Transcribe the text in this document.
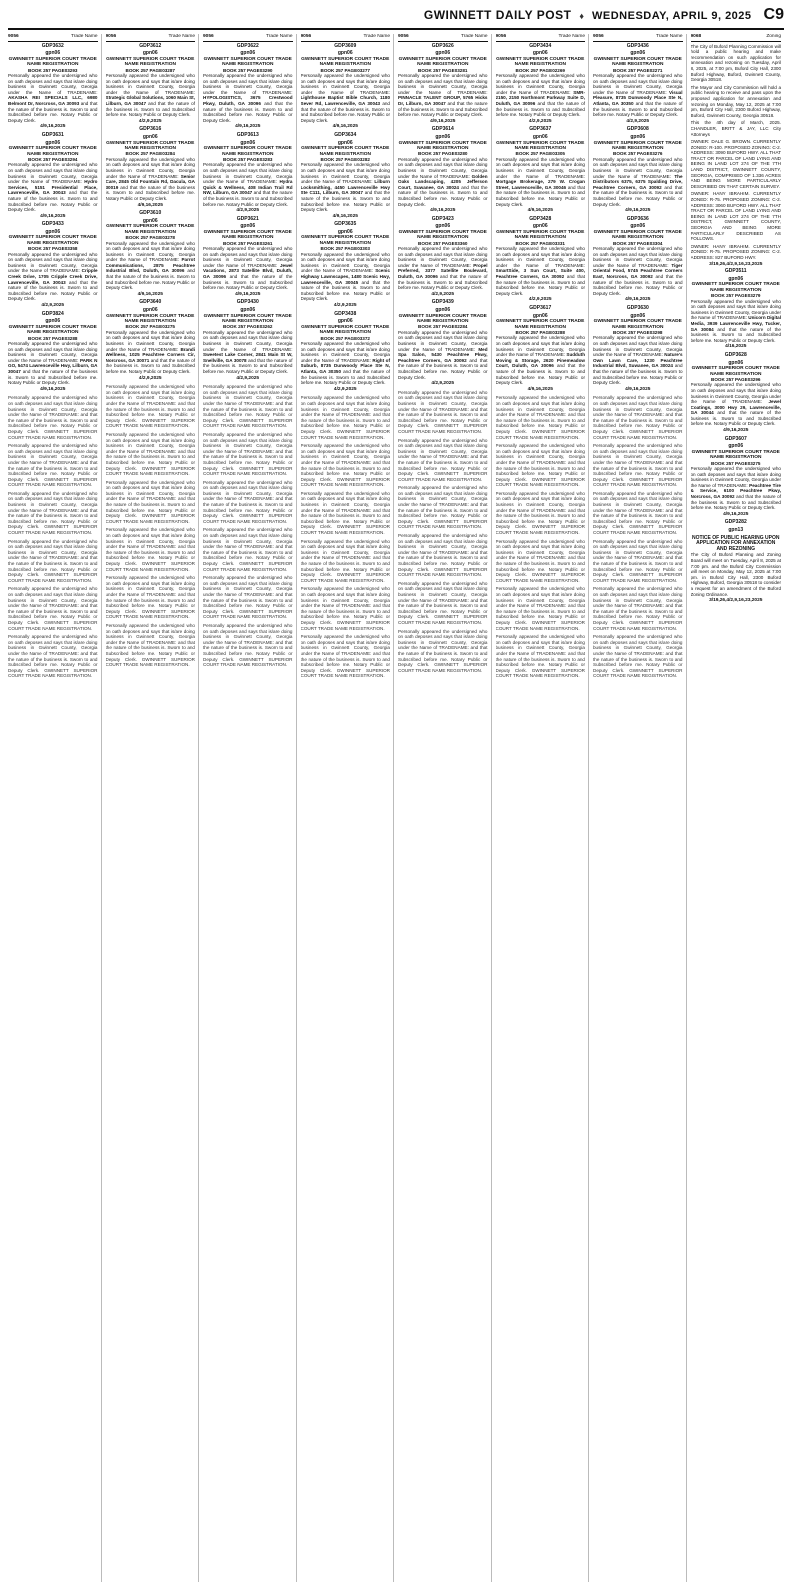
GWINNETT DAILY POST ♦ WEDNESDAY, APRIL 9, 2025 C9
9056	Trade Name
GDP3632
gpn06
GWINNETT SUPERIOR COURT TRADE NAME REGISTRATION
BOOK 257 PAGE03293
Personally appeared the undersigned who on oath deposes and says that is/are doing business in Gwinnett County, Georgia under the Name of TRADENAME: AKASHA REI SPECIALS LLC, 6980 Belmont Dr, Norcross, GA 30093 and that the nature of the business is. Sworn to and Subscribed before me. Notary Public or Deputy Clerk.
4/9,16,2025
GDP3631
gpn06
GWINNETT SUPERIOR COURT TRADE NAME REGISTRATION
BOOK 257 PAGE03294
Personally appeared the undersigned who on oath deposes and says that is/are doing business in Gwinnett County, Georgia under the Name of TRADENAME: Hydro Services, 5151 Presidential Place, Lawrenceville, GA 30043 and that the nature of the business is. Sworn to and Subscribed before me. Notary Public or Deputy Clerk.
4/9,16,2025
GDP3433
gpn06
GWINNETT SUPERIOR COURT TRADE NAME REGISTRATION
BOOK 257 PAGE03358
Personally appeared the undersigned who on oath deposes and says that is/are doing business in Gwinnett County, Georgia under the Name of TRADENAME: Cripple Creek Drive, 1705 Cripple Creek Drive, Lawrenceville, GA 30043 and that the nature of the business is. Sworn to and Subscribed before me. Notary Public or Deputy Clerk.
4/2,9,2025
GDP3824
gpn06
GWINNETT SUPERIOR COURT TRADE NAME REGISTRATION
BOOK 257 PAGE03288
Personally appeared the undersigned who on oath deposes and says that is/are doing business in Gwinnett County, Georgia under the Name of TRADENAME: PARK N GO, 5474 Lawrenceville Hwy, Lilburn, GA 30047 and that the nature of the business is. Sworn to and Subscribed before me. Notary Public or Deputy Clerk.
4/9,16,2025
Personally appeared the undersigned who on oath deposes and says that is/are doing business in Gwinnett County, Georgia under the Name of TRADENAME: and that the nature of the business is. Sworn to and Subscribed before me. Notary Public or Deputy Clerk. GWINNETT SUPERIOR COURT TRADE NAME REGISTRATION.
Personally appeared the undersigned who on oath deposes and says that is/are doing business in Gwinnett County, Georgia under the Name of TRADENAME: and that the nature of the business is. Sworn to and Subscribed before me. Notary Public or Deputy Clerk. GWINNETT SUPERIOR COURT TRADE NAME REGISTRATION.
Personally appeared the undersigned who on oath deposes and says that is/are doing business in Gwinnett County, Georgia under the Name of TRADENAME: and that the nature of the business is. Sworn to and Subscribed before me. Notary Public or Deputy Clerk. GWINNETT SUPERIOR COURT TRADE NAME REGISTRATION.
Personally appeared the undersigned who on oath deposes and says that is/are doing business in Gwinnett County, Georgia under the Name of TRADENAME: and that the nature of the business is. Sworn to and Subscribed before me. Notary Public or Deputy Clerk. GWINNETT SUPERIOR COURT TRADE NAME REGISTRATION.
Personally appeared the undersigned who on oath deposes and says that is/are doing business in Gwinnett County, Georgia under the Name of TRADENAME: and that the nature of the business is. Sworn to and Subscribed before me. Notary Public or Deputy Clerk. GWINNETT SUPERIOR COURT TRADE NAME REGISTRATION.
Personally appeared the undersigned who on oath deposes and says that is/are doing business in Gwinnett County, Georgia under the Name of TRADENAME: and that the nature of the business is. Sworn to and Subscribed before me. Notary Public or Deputy Clerk. GWINNETT SUPERIOR COURT TRADE NAME REGISTRATION.
9056	Trade Name
GDP3612
gpn06
GWINNETT SUPERIOR COURT TRADE NAME REGISTRATION
BOOK 257 PAGE03287
Personally appeared the undersigned who on oath deposes and says that is/are doing business in Gwinnett County, Georgia under the Name of TRADENAME: Strategic Global Solutions, 1060 Main St, Lilburn, GA 30047 and that the nature of the business is. Sworn to and Subscribed before me. Notary Public or Deputy Clerk.
4/2,9,2025
GDP3616
gpn06
GWINNETT SUPERIOR COURT TRADE NAME REGISTRATION
BOOK 257 PAGE03284
Personally appeared the undersigned who on oath deposes and says that is/are doing business in Gwinnett County, Georgia under the Name of TRADENAME: Senior Care, 2845 Old Fountain Rd, Dacula, GA 30019 and that the nature of the business is. Sworn to and Subscribed before me. Notary Public or Deputy Clerk.
4/9,16,2025
GDP3610
gpn06
GWINNETT SUPERIOR COURT TRADE NAME REGISTRATION
BOOK 257 PAGE03278
Personally appeared the undersigned who on oath deposes and says that is/are doing business in Gwinnett County, Georgia under the Name of TRADENAME: Parrot Communications, 2875 Peachtree Industrial Blvd, Duluth, GA 30096 and that the nature of the business is. Sworn to and Subscribed before me. Notary Public or Deputy Clerk.
4/9,16,2025
GDP3640
gpn06
GWINNETT SUPERIOR COURT TRADE NAME REGISTRATION
BOOK 257 PAGE03275
Personally appeared the undersigned who on oath deposes and says that is/are doing business in Gwinnett County, Georgia under the Name of TRADENAME: Brandi Wellness, 1025 Peachtree Corners Cir, Norcross, GA 30071 and that the nature of the business is. Sworn to and Subscribed before me. Notary Public or Deputy Clerk.
4/2,9,2025
Personally appeared the undersigned who on oath deposes and says that is/are doing business in Gwinnett County, Georgia under the Name of TRADENAME: and that the nature of the business is. Sworn to and Subscribed before me. Notary Public or Deputy Clerk. GWINNETT SUPERIOR COURT TRADE NAME REGISTRATION.
Personally appeared the undersigned who on oath deposes and says that is/are doing business in Gwinnett County, Georgia under the Name of TRADENAME: and that the nature of the business is. Sworn to and Subscribed before me. Notary Public or Deputy Clerk. GWINNETT SUPERIOR COURT TRADE NAME REGISTRATION.
Personally appeared the undersigned who on oath deposes and says that is/are doing business in Gwinnett County, Georgia under the Name of TRADENAME: and that the nature of the business is. Sworn to and Subscribed before me. Notary Public or Deputy Clerk. GWINNETT SUPERIOR COURT TRADE NAME REGISTRATION.
Personally appeared the undersigned who on oath deposes and says that is/are doing business in Gwinnett County, Georgia under the Name of TRADENAME: and that the nature of the business is. Sworn to and Subscribed before me. Notary Public or Deputy Clerk. GWINNETT SUPERIOR COURT TRADE NAME REGISTRATION.
Personally appeared the undersigned who on oath deposes and says that is/are doing business in Gwinnett County, Georgia under the Name of TRADENAME: and that the nature of the business is. Sworn to and Subscribed before me. Notary Public or Deputy Clerk. GWINNETT SUPERIOR COURT TRADE NAME REGISTRATION.
Personally appeared the undersigned who on oath deposes and says that is/are doing business in Gwinnett County, Georgia under the Name of TRADENAME: and that the nature of the business is. Sworn to and Subscribed before me. Notary Public or Deputy Clerk. GWINNETT SUPERIOR COURT TRADE NAME REGISTRATION.
9056	Trade Name
GDP3622
gpn06
GWINNETT SUPERIOR COURT TRADE NAME REGISTRATION
BOOK 257 PAGE03290
Personally appeared the undersigned who on oath deposes and says that is/are doing business in Gwinnett County, Georgia under the Name of TRADENAME: HYPOLOGISTICS, 3675 Crestwood Pkwy, Duluth, GA 30096 and that the nature of the business is. Sworn to and Subscribed before me. Notary Public or Deputy Clerk.
4/9,16,2025
GDP3613
gpn06
GWINNETT SUPERIOR COURT TRADE NAME REGISTRATION
BOOK 257 PAGE03283
Personally appeared the undersigned who on oath deposes and says that is/are doing business in Gwinnett County, Georgia under the Name of TRADENAME: Hydra Quick & Wellness, 408 Indian Trail Rd NW, Lilburn, GA 30047 and that the nature of the business is. Sworn to and Subscribed before me. Notary Public or Deputy Clerk.
4/2,9,2025
GDP3621
gpn06
GWINNETT SUPERIOR COURT TRADE NAME REGISTRATION
BOOK 257 PAGE03261
Personally appeared the undersigned who on oath deposes and says that is/are doing business in Gwinnett County, Georgia under the Name of TRADENAME: Jewel Vacations, 2873 Satellite Blvd, Duluth, GA 30096 and that the nature of the business is. Sworn to and Subscribed before me. Notary Public or Deputy Clerk.
4/9,16,2025
GDP3430
gpn06
GWINNETT SUPERIOR COURT TRADE NAME REGISTRATION
BOOK 257 PAGE03262
Personally appeared the undersigned who on oath deposes and says that is/are doing business in Gwinnett County, Georgia under the Name of TRADENAME: Sweetest Lake Corner, 2841 Main St W, Snellville, GA 30078 and that the nature of the business is. Sworn to and Subscribed before me. Notary Public or Deputy Clerk.
4/2,9,2025
Personally appeared the undersigned who on oath deposes and says that is/are doing business in Gwinnett County, Georgia under the Name of TRADENAME: and that the nature of the business is. Sworn to and Subscribed before me. Notary Public or Deputy Clerk. GWINNETT SUPERIOR COURT TRADE NAME REGISTRATION.
Personally appeared the undersigned who on oath deposes and says that is/are doing business in Gwinnett County, Georgia under the Name of TRADENAME: and that the nature of the business is. Sworn to and Subscribed before me. Notary Public or Deputy Clerk. GWINNETT SUPERIOR COURT TRADE NAME REGISTRATION.
Personally appeared the undersigned who on oath deposes and says that is/are doing business in Gwinnett County, Georgia under the Name of TRADENAME: and that the nature of the business is. Sworn to and Subscribed before me. Notary Public or Deputy Clerk. GWINNETT SUPERIOR COURT TRADE NAME REGISTRATION.
Personally appeared the undersigned who on oath deposes and says that is/are doing business in Gwinnett County, Georgia under the Name of TRADENAME: and that the nature of the business is. Sworn to and Subscribed before me. Notary Public or Deputy Clerk. GWINNETT SUPERIOR COURT TRADE NAME REGISTRATION.
Personally appeared the undersigned who on oath deposes and says that is/are doing business in Gwinnett County, Georgia under the Name of TRADENAME: and that the nature of the business is. Sworn to and Subscribed before me. Notary Public or Deputy Clerk. GWINNETT SUPERIOR COURT TRADE NAME REGISTRATION.
Personally appeared the undersigned who on oath deposes and says that is/are doing business in Gwinnett County, Georgia under the Name of TRADENAME: and that the nature of the business is. Sworn to and Subscribed before me. Notary Public or Deputy Clerk. GWINNETT SUPERIOR COURT TRADE NAME REGISTRATION.
9056	Trade Name
GDP3609
gpn06
GWINNETT SUPERIOR COURT TRADE NAME REGISTRATION
BOOK 257 PAGE03277
Personally appeared the undersigned who on oath deposes and says that is/are doing business in Gwinnett County, Georgia under the Name of TRADENAME: Lighthouse Baptist Bible Church, 1180 Sever Rd, Lawrenceville, GA 30043 and that the nature of the business is. Sworn to and Subscribed before me. Notary Public or Deputy Clerk.
4/9,16,2025
GDP3634
gpn06
GWINNETT SUPERIOR COURT TRADE NAME REGISTRATION
BOOK 257 PAGE03282
Personally appeared the undersigned who on oath deposes and says that is/are doing business in Gwinnett County, Georgia under the Name of TRADENAME: Lilburn Locksmithing, 4450 Lawrenceville Hwy Ste C111, Lilburn, GA 30047 and that the nature of the business is. Sworn to and Subscribed before me. Notary Public or Deputy Clerk.
4/9,16,2025
GDP3635
gpn06
GWINNETT SUPERIOR COURT TRADE NAME REGISTRATION
BOOK 257 PAGE03303
Personally appeared the undersigned who on oath deposes and says that is/are doing business in Gwinnett County, Georgia under the Name of TRADENAME: Scenic Highway Lawnscapes, 1480 Scenic Hwy, Lawrenceville, GA 30045 and that the nature of the business is. Sworn to and Subscribed before me. Notary Public or Deputy Clerk.
4/2,9,2025
GDP3438
gpn06
GWINNETT SUPERIOR COURT TRADE NAME REGISTRATION
BOOK 257 PAGE03372
Personally appeared the undersigned who on oath deposes and says that is/are doing business in Gwinnett County, Georgia under the Name of TRADENAME: Right of Suburb, 8735 Dunwoody Place Ste N, Atlanta, GA 30350 and that the nature of the business is. Sworn to and Subscribed before me. Notary Public or Deputy Clerk.
4/2,9,2025
Personally appeared the undersigned who on oath deposes and says that is/are doing business in Gwinnett County, Georgia under the Name of TRADENAME: and that the nature of the business is. Sworn to and Subscribed before me. Notary Public or Deputy Clerk. GWINNETT SUPERIOR COURT TRADE NAME REGISTRATION.
Personally appeared the undersigned who on oath deposes and says that is/are doing business in Gwinnett County, Georgia under the Name of TRADENAME: and that the nature of the business is. Sworn to and Subscribed before me. Notary Public or Deputy Clerk. GWINNETT SUPERIOR COURT TRADE NAME REGISTRATION.
Personally appeared the undersigned who on oath deposes and says that is/are doing business in Gwinnett County, Georgia under the Name of TRADENAME: and that the nature of the business is. Sworn to and Subscribed before me. Notary Public or Deputy Clerk. GWINNETT SUPERIOR COURT TRADE NAME REGISTRATION.
Personally appeared the undersigned who on oath deposes and says that is/are doing business in Gwinnett County, Georgia under the Name of TRADENAME: and that the nature of the business is. Sworn to and Subscribed before me. Notary Public or Deputy Clerk. GWINNETT SUPERIOR COURT TRADE NAME REGISTRATION.
Personally appeared the undersigned who on oath deposes and says that is/are doing business in Gwinnett County, Georgia under the Name of TRADENAME: and that the nature of the business is. Sworn to and Subscribed before me. Notary Public or Deputy Clerk. GWINNETT SUPERIOR COURT TRADE NAME REGISTRATION.
Personally appeared the undersigned who on oath deposes and says that is/are doing business in Gwinnett County, Georgia under the Name of TRADENAME: and that the nature of the business is. Sworn to and Subscribed before me. Notary Public or Deputy Clerk. GWINNETT SUPERIOR COURT TRADE NAME REGISTRATION.
9056	Trade Name
GDP3626
gpn06
GWINNETT SUPERIOR COURT TRADE NAME REGISTRATION
BOOK 257 PAGE03281
Personally appeared the undersigned who on oath deposes and says that is/are doing business in Gwinnett County, Georgia under the Name of TRADENAME: PINNACLE TALENT GROUP, 5765 Hicks Dr, Lilburn, GA 30047 and that the nature of the business is. Sworn to and Subscribed before me. Notary Public or Deputy Clerk.
4/9,16,2025
GDP3614
gpn06
GWINNETT SUPERIOR COURT TRADE NAME REGISTRATION
BOOK 257 PAGE03280
Personally appeared the undersigned who on oath deposes and says that is/are doing business in Gwinnett County, Georgia under the Name of TRADENAME: Golden Oaks Landscaping, 4205 Jefferson Court, Suwanee, GA 30024 and that the nature of the business is. Sworn to and Subscribed before me. Notary Public or Deputy Clerk.
4/9,16,2025
GDP3423
gpn06
GWINNETT SUPERIOR COURT TRADE NAME REGISTRATION
BOOK 257 PAGE03360
Personally appeared the undersigned who on oath deposes and says that is/are doing business in Gwinnett County, Georgia under the Name of TRADENAME: Propel Preferred, 3377 Satellite Boulevard, Duluth, GA 30096 and that the nature of the business is. Sworn to and Subscribed before me. Notary Public or Deputy Clerk.
4/2,9,2025
GDP3439
gpn06
GWINNETT SUPERIOR COURT TRADE NAME REGISTRATION
BOOK 257 PAGE02284
Personally appeared the undersigned who on oath deposes and says that is/are doing business in Gwinnett County, Georgia under the Name of TRADENAME: Med Spa Salon, 5430 Peachtree Pkwy, Peachtree Corners, GA 30092 and that the nature of the business is. Sworn to and Subscribed before me. Notary Public or Deputy Clerk.
4/2,9,2025
Personally appeared the undersigned who on oath deposes and says that is/are doing business in Gwinnett County, Georgia under the Name of TRADENAME: and that the nature of the business is. Sworn to and Subscribed before me. Notary Public or Deputy Clerk. GWINNETT SUPERIOR COURT TRADE NAME REGISTRATION.
Personally appeared the undersigned who on oath deposes and says that is/are doing business in Gwinnett County, Georgia under the Name of TRADENAME: and that the nature of the business is. Sworn to and Subscribed before me. Notary Public or Deputy Clerk. GWINNETT SUPERIOR COURT TRADE NAME REGISTRATION.
Personally appeared the undersigned who on oath deposes and says that is/are doing business in Gwinnett County, Georgia under the Name of TRADENAME: and that the nature of the business is. Sworn to and Subscribed before me. Notary Public or Deputy Clerk. GWINNETT SUPERIOR COURT TRADE NAME REGISTRATION.
Personally appeared the undersigned who on oath deposes and says that is/are doing business in Gwinnett County, Georgia under the Name of TRADENAME: and that the nature of the business is. Sworn to and Subscribed before me. Notary Public or Deputy Clerk. GWINNETT SUPERIOR COURT TRADE NAME REGISTRATION.
Personally appeared the undersigned who on oath deposes and says that is/are doing business in Gwinnett County, Georgia under the Name of TRADENAME: and that the nature of the business is. Sworn to and Subscribed before me. Notary Public or Deputy Clerk. GWINNETT SUPERIOR COURT TRADE NAME REGISTRATION.
Personally appeared the undersigned who on oath deposes and says that is/are doing business in Gwinnett County, Georgia under the Name of TRADENAME: and that the nature of the business is. Sworn to and Subscribed before me. Notary Public or Deputy Clerk. GWINNETT SUPERIOR COURT TRADE NAME REGISTRATION.
9056	Trade Name
GDP3434
gpn06
GWINNETT SUPERIOR COURT TRADE NAME REGISTRATION
BOOK 257 PAGE02269
Personally appeared the undersigned who on oath deposes and says that is/are doing business in Gwinnett County, Georgia under the Name of TRADENAME: SMR-2150, 2150 Northmont Parkway Suite D, Duluth, GA 30096 and that the nature of the business is. Sworn to and Subscribed before me. Notary Public or Deputy Clerk.
4/2,9,2025
GDP3637
gpn06
GWINNETT SUPERIOR COURT TRADE NAME REGISTRATION
BOOK 257 PAGE03305
Personally appeared the undersigned who on oath deposes and says that is/are doing business in Gwinnett County, Georgia under the Name of TRADENAME: Mortgage Brokerage, 279 W. Crogan Street, Lawrenceville, GA 30046 and that the nature of the business is. Sworn to and Subscribed before me. Notary Public or Deputy Clerk.
4/9,16,2025
GDP3428
gpn06
GWINNETT SUPERIOR COURT TRADE NAME REGISTRATION
BOOK 257 PAGE03331
Personally appeared the undersigned who on oath deposes and says that is/are doing business in Gwinnett County, Georgia under the Name of TRADENAME: SmartSide, 3 Sun Court, Suite 400, Peachtree Corners, GA 30092 and that the nature of the business is. Sworn to and Subscribed before me. Notary Public or Deputy Clerk.
4/2,9,2025
GDP3617
gpn06
GWINNETT SUPERIOR COURT TRADE NAME REGISTRATION
BOOK 257 PAGE03288
Personally appeared the undersigned who on oath deposes and says that is/are doing business in Gwinnett County, Georgia under the Name of TRADENAME: Sudduth Moving & Storage, 2620 Pinemeadow Court, Duluth, GA 30096 and that the nature of the business is. Sworn to and Subscribed before me. Notary Public or Deputy Clerk.
4/9,16,2025
Personally appeared the undersigned who on oath deposes and says that is/are doing business in Gwinnett County, Georgia under the Name of TRADENAME: and that the nature of the business is. Sworn to and Subscribed before me. Notary Public or Deputy Clerk. GWINNETT SUPERIOR COURT TRADE NAME REGISTRATION.
Personally appeared the undersigned who on oath deposes and says that is/are doing business in Gwinnett County, Georgia under the Name of TRADENAME: and that the nature of the business is. Sworn to and Subscribed before me. Notary Public or Deputy Clerk. GWINNETT SUPERIOR COURT TRADE NAME REGISTRATION.
Personally appeared the undersigned who on oath deposes and says that is/are doing business in Gwinnett County, Georgia under the Name of TRADENAME: and that the nature of the business is. Sworn to and Subscribed before me. Notary Public or Deputy Clerk. GWINNETT SUPERIOR COURT TRADE NAME REGISTRATION.
Personally appeared the undersigned who on oath deposes and says that is/are doing business in Gwinnett County, Georgia under the Name of TRADENAME: and that the nature of the business is. Sworn to and Subscribed before me. Notary Public or Deputy Clerk. GWINNETT SUPERIOR COURT TRADE NAME REGISTRATION.
Personally appeared the undersigned who on oath deposes and says that is/are doing business in Gwinnett County, Georgia under the Name of TRADENAME: and that the nature of the business is. Sworn to and Subscribed before me. Notary Public or Deputy Clerk. GWINNETT SUPERIOR COURT TRADE NAME REGISTRATION.
Personally appeared the undersigned who on oath deposes and says that is/are doing business in Gwinnett County, Georgia under the Name of TRADENAME: and that the nature of the business is. Sworn to and Subscribed before me. Notary Public or Deputy Clerk. GWINNETT SUPERIOR COURT TRADE NAME REGISTRATION.
9056	Trade Name
GDP3436
gpn06
GWINNETT SUPERIOR COURT TRADE NAME REGISTRATION
BOOK 257 PAGE02271
Personally appeared the undersigned who on oath deposes and says that is/are doing business in Gwinnett County, Georgia under the Name of TRADENAME: Visual Pleasure, 8735 Dunwoody Place Ste N, Atlanta, GA 30350 and that the nature of the business is. Sworn to and Subscribed before me. Notary Public or Deputy Clerk.
4/2,9,2025
GDP3608
gpn06
GWINNETT SUPERIOR COURT TRADE NAME REGISTRATION
BOOK 257 PAGE03276
Personally appeared the undersigned who on oath deposes and says that is/are doing business in Gwinnett County, Georgia under the Name of TRADENAME: The Distributors 6375, 6375 Spalding Drive, Peachtree Corners, GA 30092 and that the nature of the business is. Sworn to and Subscribed before me. Notary Public or Deputy Clerk.
4/9,16,2025
GDP3636
gpn06
GWINNETT SUPERIOR COURT TRADE NAME REGISTRATION
BOOK 257 PAGE03304
Personally appeared the undersigned who on oath deposes and says that is/are doing business in Gwinnett County, Georgia under the Name of TRADENAME: Tiger Oriental Food, 5745 Peachtree Corners East, Norcross, GA 30092 and that the nature of the business is. Sworn to and Subscribed before me. Notary Public or Deputy Clerk.
4/9,16,2025
GDP3630
gpn06
GWINNETT SUPERIOR COURT TRADE NAME REGISTRATION
BOOK 257 PAGE03298
Personally appeared the undersigned who on oath deposes and says that is/are doing business in Gwinnett County, Georgia under the Name of TRADENAME: Nature's Own Lawn Care, 1230 Peachtree Industrial Blvd, Suwanee, GA 30024 and that the nature of the business is. Sworn to and Subscribed before me. Notary Public or Deputy Clerk.
4/9,16,2025
Personally appeared the undersigned who on oath deposes and says that is/are doing business in Gwinnett County, Georgia under the Name of TRADENAME: and that the nature of the business is. Sworn to and Subscribed before me. Notary Public or Deputy Clerk. GWINNETT SUPERIOR COURT TRADE NAME REGISTRATION.
Personally appeared the undersigned who on oath deposes and says that is/are doing business in Gwinnett County, Georgia under the Name of TRADENAME: and that the nature of the business is. Sworn to and Subscribed before me. Notary Public or Deputy Clerk. GWINNETT SUPERIOR COURT TRADE NAME REGISTRATION.
Personally appeared the undersigned who on oath deposes and says that is/are doing business in Gwinnett County, Georgia under the Name of TRADENAME: and that the nature of the business is. Sworn to and Subscribed before me. Notary Public or Deputy Clerk. GWINNETT SUPERIOR COURT TRADE NAME REGISTRATION.
Personally appeared the undersigned who on oath deposes and says that is/are doing business in Gwinnett County, Georgia under the Name of TRADENAME: and that the nature of the business is. Sworn to and Subscribed before me. Notary Public or Deputy Clerk. GWINNETT SUPERIOR COURT TRADE NAME REGISTRATION.
Personally appeared the undersigned who on oath deposes and says that is/are doing business in Gwinnett County, Georgia under the Name of TRADENAME: and that the nature of the business is. Sworn to and Subscribed before me. Notary Public or Deputy Clerk. GWINNETT SUPERIOR COURT TRADE NAME REGISTRATION.
Personally appeared the undersigned who on oath deposes and says that is/are doing business in Gwinnett County, Georgia under the Name of TRADENAME: and that the nature of the business is. Sworn to and Subscribed before me. Notary Public or Deputy Clerk. GWINNETT SUPERIOR COURT TRADE NAME REGISTRATION.
9068	Zoning
The City of Buford Planning Commission will hold a public hearing and make recommendation on such application for annexation and rezoning on Tuesday, April 8, 2025, at 7:00 pm, Buford City Hall, 2300 Buford Highway, Buford, Gwinnett County, Georgia 30518.
The Mayor and City Commission will hold a public hearing to receive and pass upon the proposed application for annexation and rezoning on Monday, May 12, 2025 at 7:00 pm, Buford City Hall, 2300 Buford Highway, Buford, Gwinnett County, Georgia 30518.
This the 4th day of March, 2025. CHANDLER, BRITT & JAY, LLC City Attorneys
OWNER: DALE G. BROWN. CURRENTLY ZONED: R-100. PROPOSED ZONING: C-2. ADDRESS: 3090 BUFORD HWY. ALL THAT TRACT OR PARCEL OF LAND LYING AND BEING IN LAND LOT 274 OF THE 7TH LAND DISTRICT, GWINNETT COUNTY, GEORGIA, COMPRISED OF 1.336 ACRES AND BEING MORE PARTICULARLY DESCRIBED ON THAT CERTAIN SURVEY.
OWNER: HANY IBRAHIM. CURRENTLY ZONED: R-75. PROPOSED ZONING: C-2. ADDRESS: 3060 BUFORD HWY. ALL THAT TRACT OR PARCEL OF LAND LYING AND BEING IN LAND LOT 274 OF THE 7TH DISTRICT, GWINNETT COUNTY, GEORGIA AND BEING MORE PARTICULARLY DESCRIBED AS FOLLOWS.
OWNER: HANY IBRAHIM. CURRENTLY ZONED: R-75. PROPOSED ZONING: C-2. ADDRESS: 827 BUFORD HWY.
3/19,26,4/2,9,16,23,2025
GDP3511
gpn06
GWINNETT SUPERIOR COURT TRADE NAME REGISTRATION
BOOK 257 PAGE03279
Personally appeared the undersigned who on oath deposes and says that is/are doing business in Gwinnett County, Georgia under the Name of TRADENAME: Unicorn Digital Media, 3939 Lawrenceville Hwy, Tucker, GA 30084 and that the nature of the business is. Sworn to and Subscribed before me. Notary Public or Deputy Clerk.
4/16,2025
GDP3628
gpn06
GWINNETT SUPERIOR COURT TRADE NAME REGISTRATION
BOOK 257 PAGE03296
Personally appeared the undersigned who on oath deposes and says that is/are doing business in Gwinnett County, Georgia under the Name of TRADENAME: Jewel Coatings, 3000 Hwy 29, Lawrenceville, GA 30044 and that the nature of the business is. Sworn to and Subscribed before me. Notary Public or Deputy Clerk.
4/9,16,2025
GDP3607
gpn06
GWINNETT SUPERIOR COURT TRADE NAME REGISTRATION
BOOK 257 PAGE03275
Personally appeared the undersigned who on oath deposes and says that is/are doing business in Gwinnett County, Georgia under the Name of TRADENAME: Peachtree Tire & Service, 6100 Peachtree Pkwy, Norcross, GA 30092 and that the nature of the business is. Sworn to and Subscribed before me. Notary Public or Deputy Clerk.
4/9,16,2025
GDP3282
gpn13
NOTICE OF PUBLIC HEARING UPON APPLICATION FOR ANNEXATION AND REZONING
The City of Buford Planning and Zoning Board will meet on Tuesday, April 8, 2025 at 7:00 pm. and the Buford City Commission will meet on Monday, May 12, 2025 at 7:00 pm. in Buford City Hall, 2300 Buford Highway, Buford, Georgia 30518 to consider a request for an amendment of the Buford Zoning Ordinance.
3/19,26,4/2,9,16,23,2025
